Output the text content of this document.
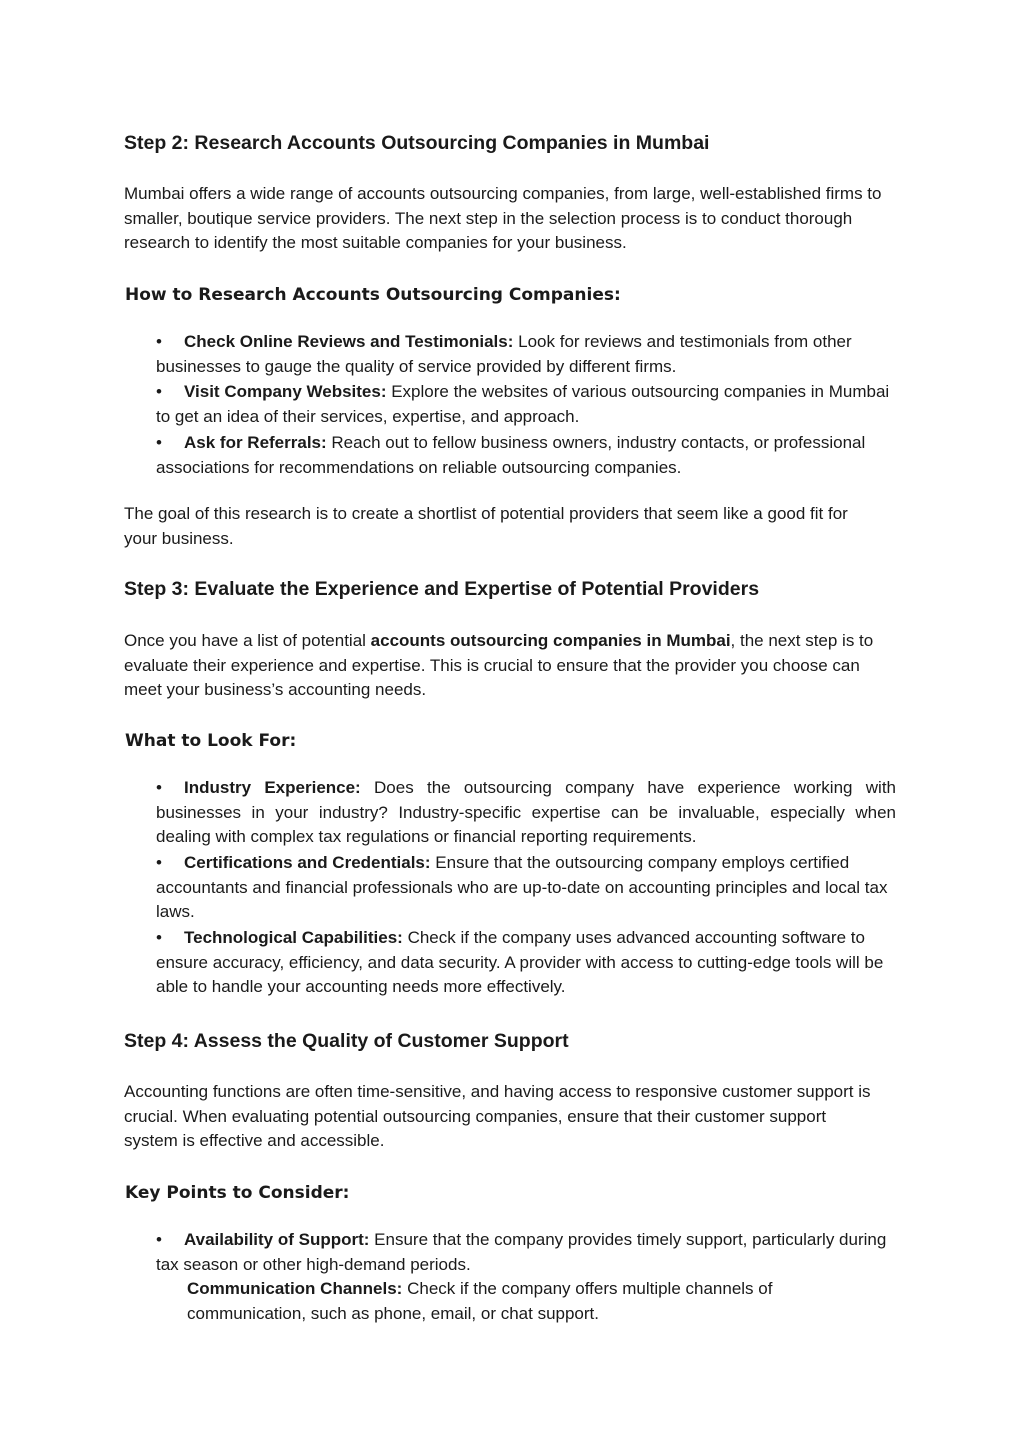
Step 2: Research Accounts Outsourcing Companies in Mumbai

Mumbai offers a wide range of accounts outsourcing companies, from large, well-established firms to smaller, boutique service providers. The next step in the selection process is to conduct thorough research to identify the most suitable companies for your business.

How to Research Accounts Outsourcing Companies:

• Check Online Reviews and Testimonials: Look for reviews and testimonials from other businesses to gauge the quality of service provided by different firms.

• Visit Company Websites: Explore the websites of various outsourcing companies in Mumbai to get an idea of their services, expertise, and approach.

• Ask for Referrals: Reach out to fellow business owners, industry contacts, or professional associations for recommendations on reliable outsourcing companies.

The goal of this research is to create a shortlist of potential providers that seem like a good fit for your business.

Step 3: Evaluate the Experience and Expertise of Potential Providers

Once you have a list of potential accounts outsourcing companies in Mumbai, the next step is to evaluate their experience and expertise. This is crucial to ensure that the provider you choose can meet your business’s accounting needs.

What to Look For:

• Industry Experience: Does the outsourcing company have experience working with businesses in your industry? Industry-specific expertise can be invaluable, especially when dealing with complex tax regulations or financial reporting requirements.

• Certifications and Credentials: Ensure that the outsourcing company employs certified accountants and financial professionals who are up-to-date on accounting principles and local tax laws.

• Technological Capabilities: Check if the company uses advanced accounting software to ensure accuracy, efficiency, and data security. A provider with access to cutting-edge tools will be able to handle your accounting needs more effectively.

Step 4: Assess the Quality of Customer Support

Accounting functions are often time-sensitive, and having access to responsive customer support is crucial. When evaluating potential outsourcing companies, ensure that their customer support system is effective and accessible.

Key Points to Consider:

• Availability of Support: Ensure that the company provides timely support, particularly during tax season or other high-demand periods.

Communication Channels: Check if the company offers multiple channels of communication, such as phone, email, or chat support.
